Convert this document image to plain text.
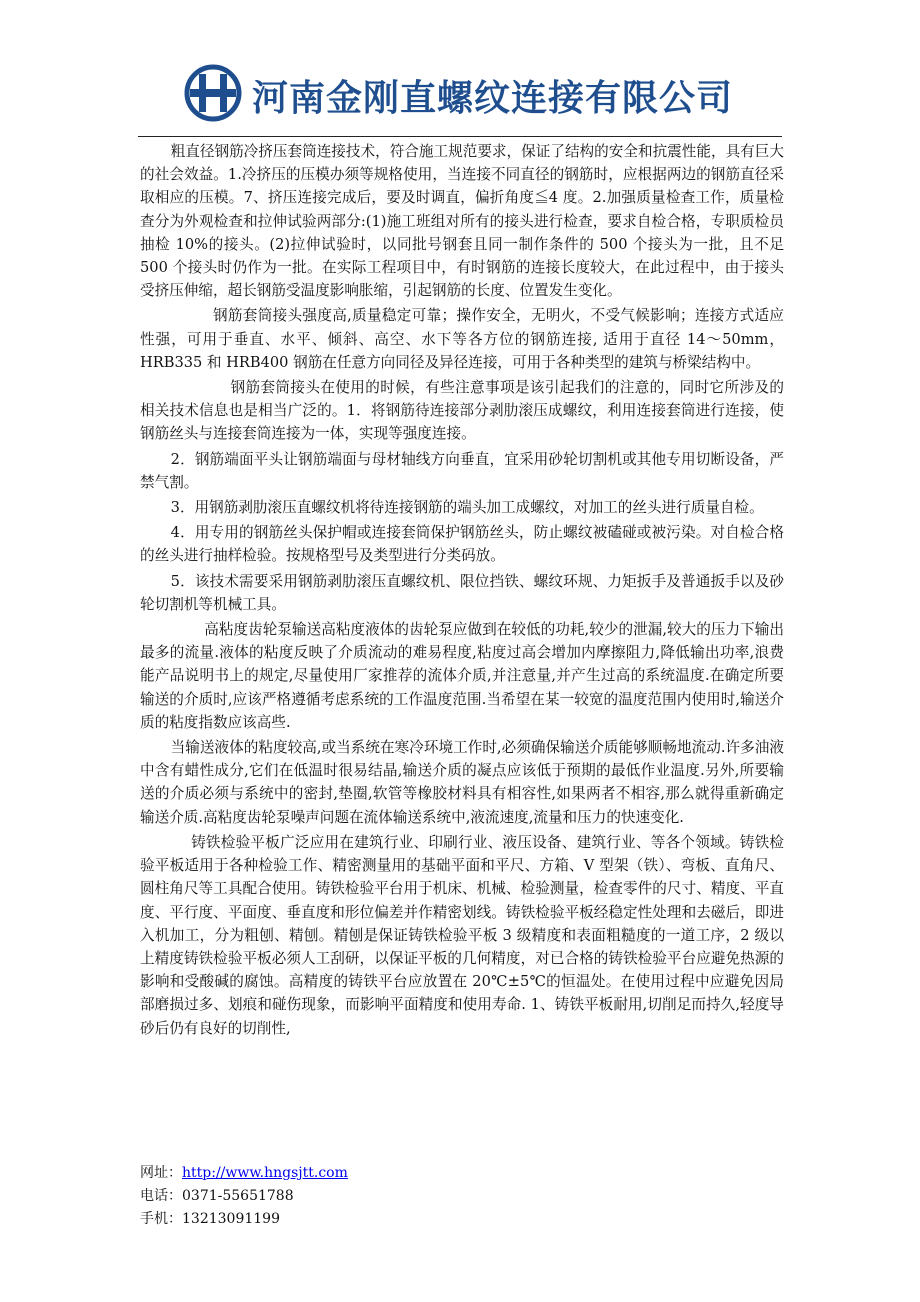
河南金刚直螺纹连接有限公司

粗直径钢筋冷挤压套筒连接技术，符合施工规范要求，保证了结构的安全和抗震性能，具有巨大的社会效益。1.冷挤压的压模办须等规格使用，当连接不同直径的钢筋时，应根据两边的钢筋直径采取相应的压模。7、挤压连接完成后，要及时调直，偏折角度≦4 度。2.加强质量检查工作，质量检查分为外观检查和拉伸试验两部分:(1)施工班组对所有的接头进行检查，要求自检合格，专职质检员抽检 10%的接头。(2)拉伸试验时，以同批号钢套且同一制作条件的 500 个接头为一批，且不足 500 个接头时仍作为一批。在实际工程项目中，有时钢筋的连接长度较大，在此过程中，由于接头受挤压伸缩，超长钢筋受温度影响胀缩，引起钢筋的长度、位置发生变化。

钢筋套筒接头强度高,质量稳定可靠；操作安全，无明火，不受气候影响；连接方式适应性强，可用于垂直、水平、倾斜、高空、水下等各方位的钢筋连接, 适用于直径 14～50mm，HRB335 和 HRB400 钢筋在任意方向同径及异径连接，可用于各种类型的建筑与桥梁结构中。

钢筋套筒接头在使用的时候，有些注意事项是该引起我们的注意的，同时它所涉及的相关技术信息也是相当广泛的。1．将钢筋待连接部分剥肋滚压成螺纹，利用连接套筒进行连接，使钢筋丝头与连接套筒连接为一体，实现等强度连接。

2．钢筋端面平头让钢筋端面与母材轴线方向垂直，宜采用砂轮切割机或其他专用切断设备，严禁气割。

3．用钢筋剥肋滚压直螺纹机将待连接钢筋的端头加工成螺纹，对加工的丝头进行质量自检。

4．用专用的钢筋丝头保护帽或连接套筒保护钢筋丝头，防止螺纹被磕碰或被污染。对自检合格的丝头进行抽样检验。按规格型号及类型进行分类码放。

5．该技术需要采用钢筋剥肋滚压直螺纹机、限位挡铁、螺纹环规、力矩扳手及普通扳手以及砂轮切割机等机械工具。

高粘度齿轮泵输送高粘度液体的齿轮泵应做到在较低的功耗,较少的泄漏,较大的压力下输出最多的流量.液体的粘度反映了介质流动的难易程度,粘度过高会增加内摩擦阻力,降低输出功率,浪费能产品说明书上的规定,尽量使用厂家推荐的流体介质,并注意量,并产生过高的系统温度.在确定所要输送的介质时,应该严格遵循考虑系统的工作温度范围.当希望在某一较宽的温度范围内使用时,输送介质的粘度指数应该高些.

当输送液体的粘度较高,或当系统在寒冷环境工作时,必须确保输送介质能够顺畅地流动.许多油液中含有蜡性成分,它们在低温时很易结晶,输送介质的凝点应该低于预期的最低作业温度.另外,所要输送的介质必须与系统中的密封,垫圈,软管等橡胶材料具有相容性,如果两者不相容,那么就得重新确定输送介质.高粘度齿轮泵噪声问题在流体输送系统中,液流速度,流量和压力的快速变化.

铸铁检验平板广泛应用在建筑行业、印刷行业、液压设备、建筑行业、等各个领域。铸铁检验平板适用于各种检验工作、精密测量用的基础平面和平尺、方箱、V 型架（铁）、弯板、直角尺、圆柱角尺等工具配合使用。铸铁检验平台用于机床、机械、检验测量，检查零件的尺寸、精度、平直度、平行度、平面度、垂直度和形位偏差并作精密划线。铸铁检验平板经稳定性处理和去磁后，即进入机加工，分为粗刨、精刨。精刨是保证铸铁检验平板 3 级精度和表面粗糙度的一道工序，2 级以上精度铸铁检验平板必须人工刮研，以保证平板的几何精度，对已合格的铸铁检验平台应避免热源的影响和受酸碱的腐蚀。高精度的铸铁平台应放置在 20℃±5℃的恒温处。在使用过程中应避免因局部磨损过多、划痕和碰伤现象，而影响平面精度和使用寿命. 1、铸铁平板耐用,切削足而持久,轻度导砂后仍有良好的切削性,

网址：http://www.hngsjtt.com
电话：0371-55651788
手机：13213091199
